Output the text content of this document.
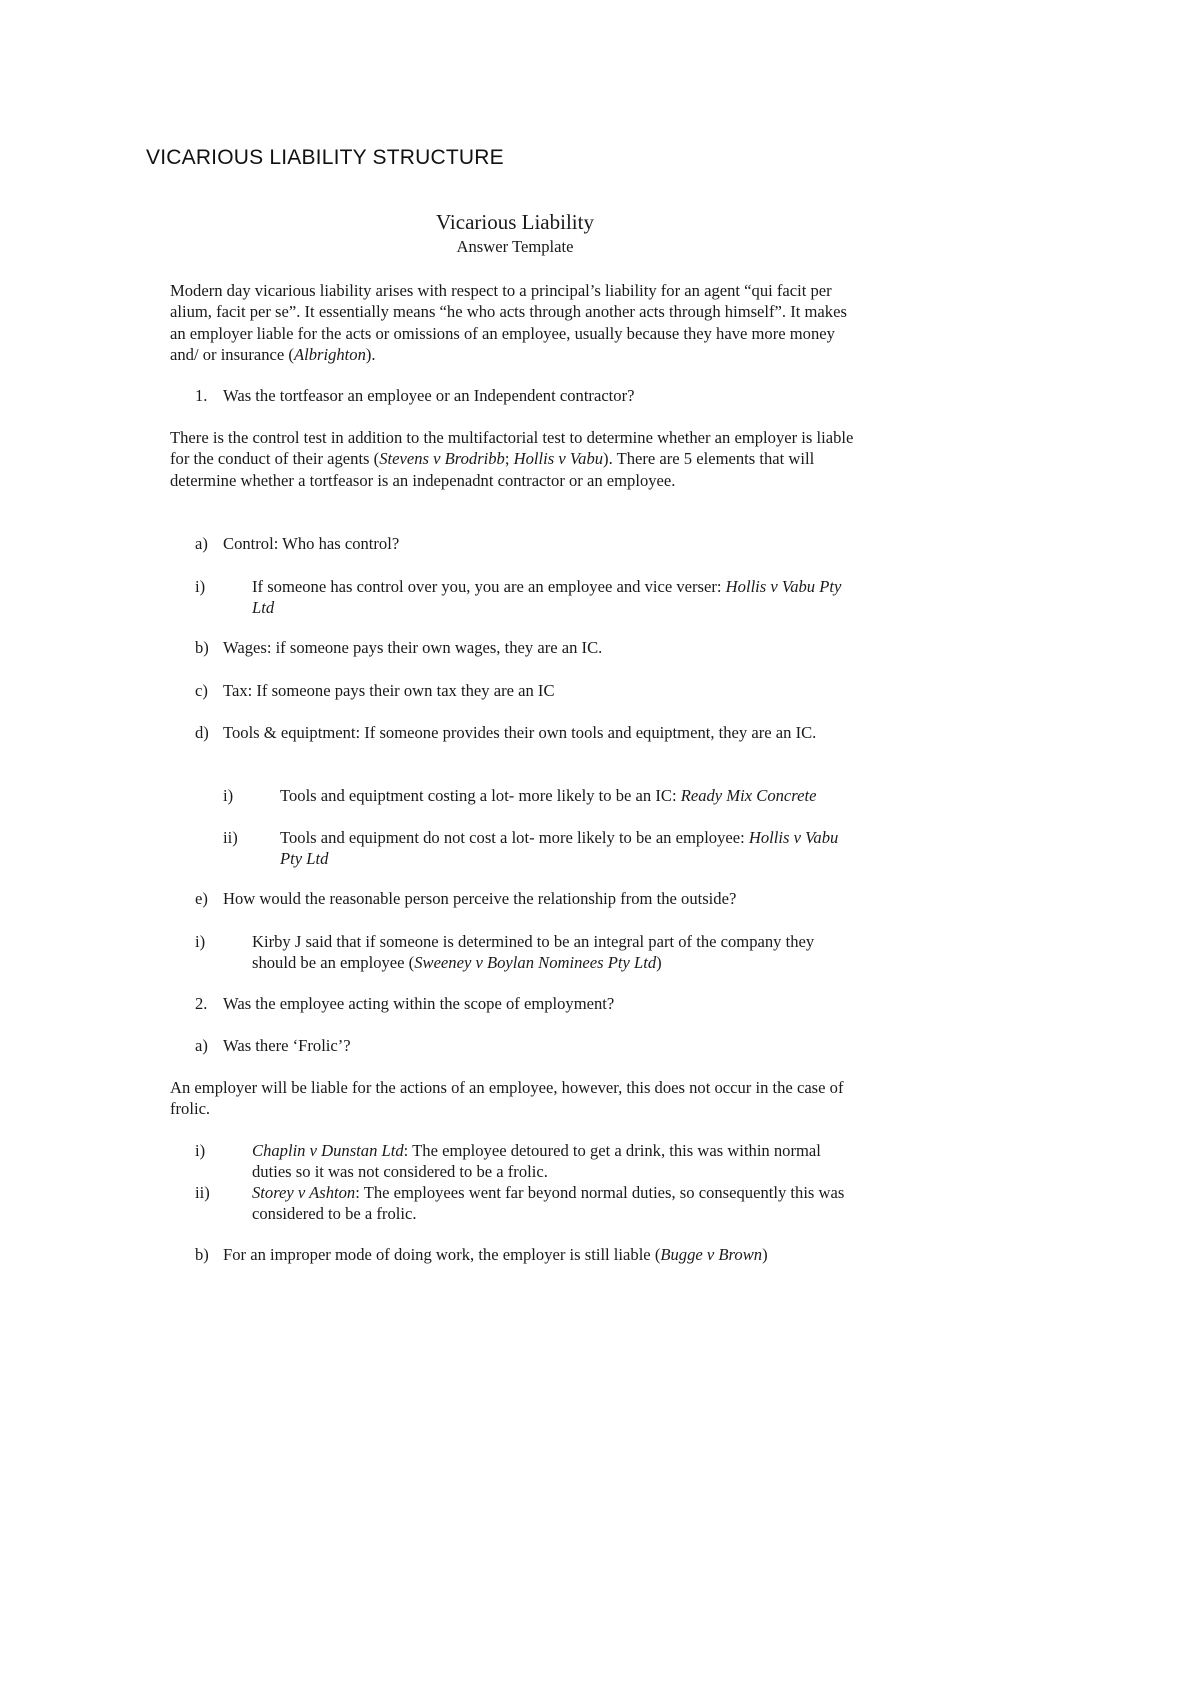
VICARIOUS LIABILITY STRUCTURE
Vicarious Liability
Answer Template
Modern day vicarious liability arises with respect to a principal’s liability for an agent “qui facit per alium, facit per se”. It essentially means “he who acts through another acts through himself”. It makes an employer liable for the acts or omissions of an employee, usually because they have more money and/ or insurance (Albrighton).
1. Was the tortfeasor an employee or an Independent contractor?
There is the control test in addition to the multifactorial test to determine whether an employer is liable for the conduct of their agents (Stevens v Brodribb; Hollis v Vabu). There are 5 elements that will determine whether a tortfeasor is an indepenadnt contractor or an employee.
a) Control: Who has control?
i)	If someone has control over you, you are an employee and vice verser: Hollis v Vabu Pty Ltd
b) Wages: if someone pays their own wages, they are an IC.
c) Tax: If someone pays their own tax they are an IC
d) Tools & equiptment: If someone provides their own tools and equiptment, they are an IC.
i)	Tools and equiptment costing a lot- more likely to be an IC: Ready Mix Concrete
ii)	Tools and equipment do not cost a lot- more likely to be an employee: Hollis v Vabu Pty Ltd
e) How would the reasonable person perceive the relationship from the outside?
i)	Kirby J said that if someone is determined to be an integral part of the company they should be an employee (Sweeney v Boylan Nominees Pty Ltd)
2. Was the employee acting within the scope of employment?
a) Was there ‘Frolic’?
An employer will be liable for the actions of an employee, however, this does not occur in the case of frolic.
i)	Chaplin v Dunstan Ltd: The employee detoured to get a drink, this was within normal duties so it was not considered to be a frolic.
ii)	Storey v Ashton: The employees went far beyond normal duties, so consequently this was considered to be a frolic.
b) For an improper mode of doing work, the employer is still liable (Bugge v Brown)
